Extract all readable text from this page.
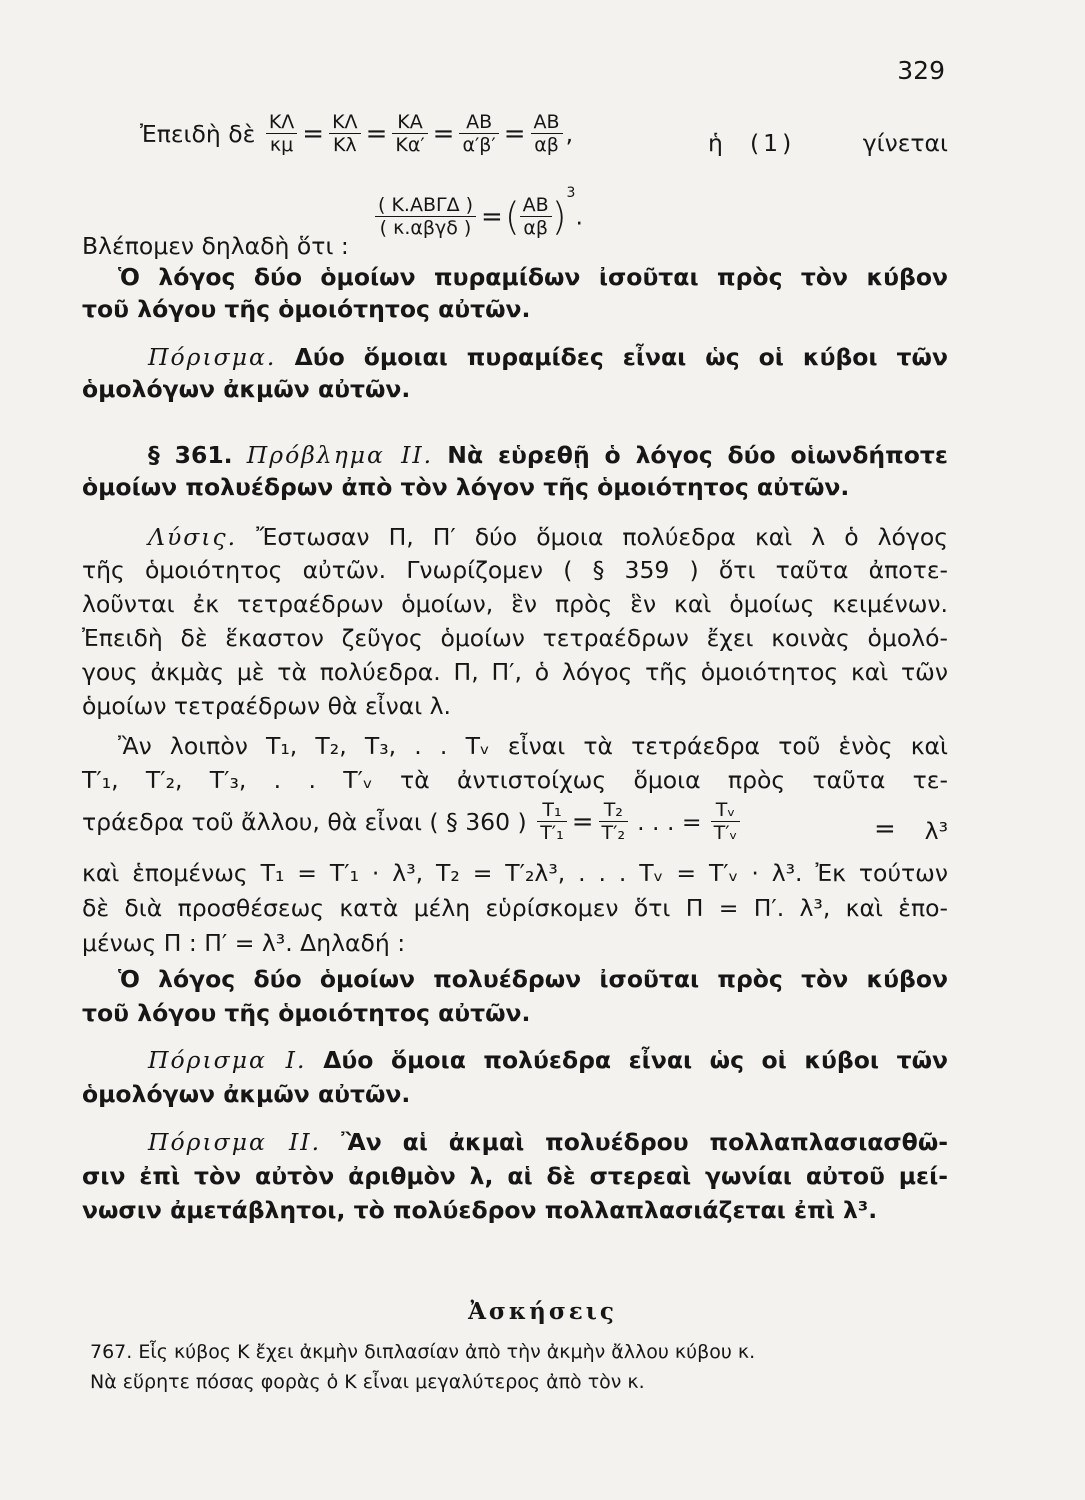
329
Ἐπειδὴ δὲ $\frac{K\Lambda}{\kappa\mu} = \frac{K\Lambda}{K\lambda} = \frac{KA}{K\alpha'} = \frac{AB}{\alpha'\beta'} = \frac{AB}{\alpha\beta}$ ,	ἡ (1)	γίνεται
$\frac{\text{( Κ.ΑΒΓΔ )}}{\text{( κ.αβγδ )}}$ =( $\frac{AB}{\alpha\beta} )^3$.
Βλέπομεν δηλαδὴ ὅτι :
Ὁ λόγος δύο ὁμοίων πυραμίδων ἰσοῦται πρὸς τὸν κύβον
τοῦ λόγου τῆς ὁμοιότητος αὐτῶν.
Πόρισμα. Δύο ὅμοιαι πυραμίδες εἶναι ὡς οἱ κύβοι τῶν
ὁμολόγων ἀκμῶν αὐτῶν.
§ 361. Πρόβλημα ΙΙ. Νὰ εὑρεθῇ ὁ λόγος δύο οἱωνδήποτε
ὁμοίων πολυέδρων ἀπὸ τὸν λόγον τῆς ὁμοιότητος αὐτῶν.
Λύσις. Ἔστωσαν Π, Π′ δύο ὅμοια πολύεδρα καὶ λ ὁ λόγος
τῆς ὁμοιότητος αὐτῶν. Γνωρίζομεν ( § 359 ) ὅτι ταῦτα ἀποτε-
λοῦνται ἐκ τετραέδρων ὁμοίων, ἓν πρὸς ἓν καὶ ὁμοίως κειμένων.
Ἐπειδὴ δὲ ἕκαστον ζεῦγος ὁμοίων τετραέδρων ἔχει κοινὰς ὁμολό-
γους ἀκμὰς μὲ τὰ πολύεδρα. Π, Π′, ὁ λόγος τῆς ὁμοιότητος καὶ τῶν
ὁμοίων τετραέδρων θὰ εἶναι λ.
Ἂν λοιπὸν Τ₁, Τ₂, Τ₃, . . Τᵥ εἶναι τὰ τετράεδρα τοῦ ἑνὸς καὶ
Τ′₁, Τ′₂, Τ′₃, . . Τ′ᵥ τὰ ἀντιστοίχως ὅμοια πρὸς ταῦτα τε-
τράεδρα τοῦ ἄλλου, θὰ εἶναι ( § 360 ) $\frac{\text{Τ₁}}{\text{Τ′₁}} = \frac{\text{Τ₂}}{\text{Τ′₂}}$ . . . = $\frac{\text{Τᵥ}}{\text{Τ′ᵥ}}$	= λ³
καὶ ἑπομένως Τ₁ = Τ′₁ · λ³, Τ₂ = Τ′₂λ³, . . . Τᵥ = Τ′ᵥ · λ³. Ἐκ τούτων
δὲ διὰ προσθέσεως κατὰ μέλη εὑρίσκομεν ὅτι Π = Π′. λ³, καὶ ἑπο-
μένως Π : Π′ = λ³. Δηλαδή :
Ὁ λόγος δύο ὁμοίων πολυέδρων ἰσοῦται πρὸς τὸν κύβον
τοῦ λόγου τῆς ὁμοιότητος αὐτῶν.
Πόρισμα Ι. Δύο ὅμοια πολύεδρα εἶναι ὡς οἱ κύβοι τῶν
ὁμολόγων ἀκμῶν αὐτῶν.
Πόρισμα ΙΙ. Ἂν αἱ ἀκμαὶ πολυέδρου πολλαπλασιασθῶ-
σιν ἐπὶ τὸν αὐτὸν ἀριθμὸν λ, αἱ δὲ στερεαὶ γωνίαι αὐτοῦ μεί-
νωσιν ἀμετάβλητοι, τὸ πολύεδρον πολλαπλασιάζεται ἐπὶ λ³.
Ἀσκήσεις
767. Εἷς κύβος Κ ἔχει ἀκμὴν διπλασίαν ἀπὸ τὴν ἀκμὴν ἄλλου κύβου κ.
Νὰ εὕρητε πόσας φορὰς ὁ Κ εἶναι μεγαλύτερος ἀπὸ τὸν κ.
